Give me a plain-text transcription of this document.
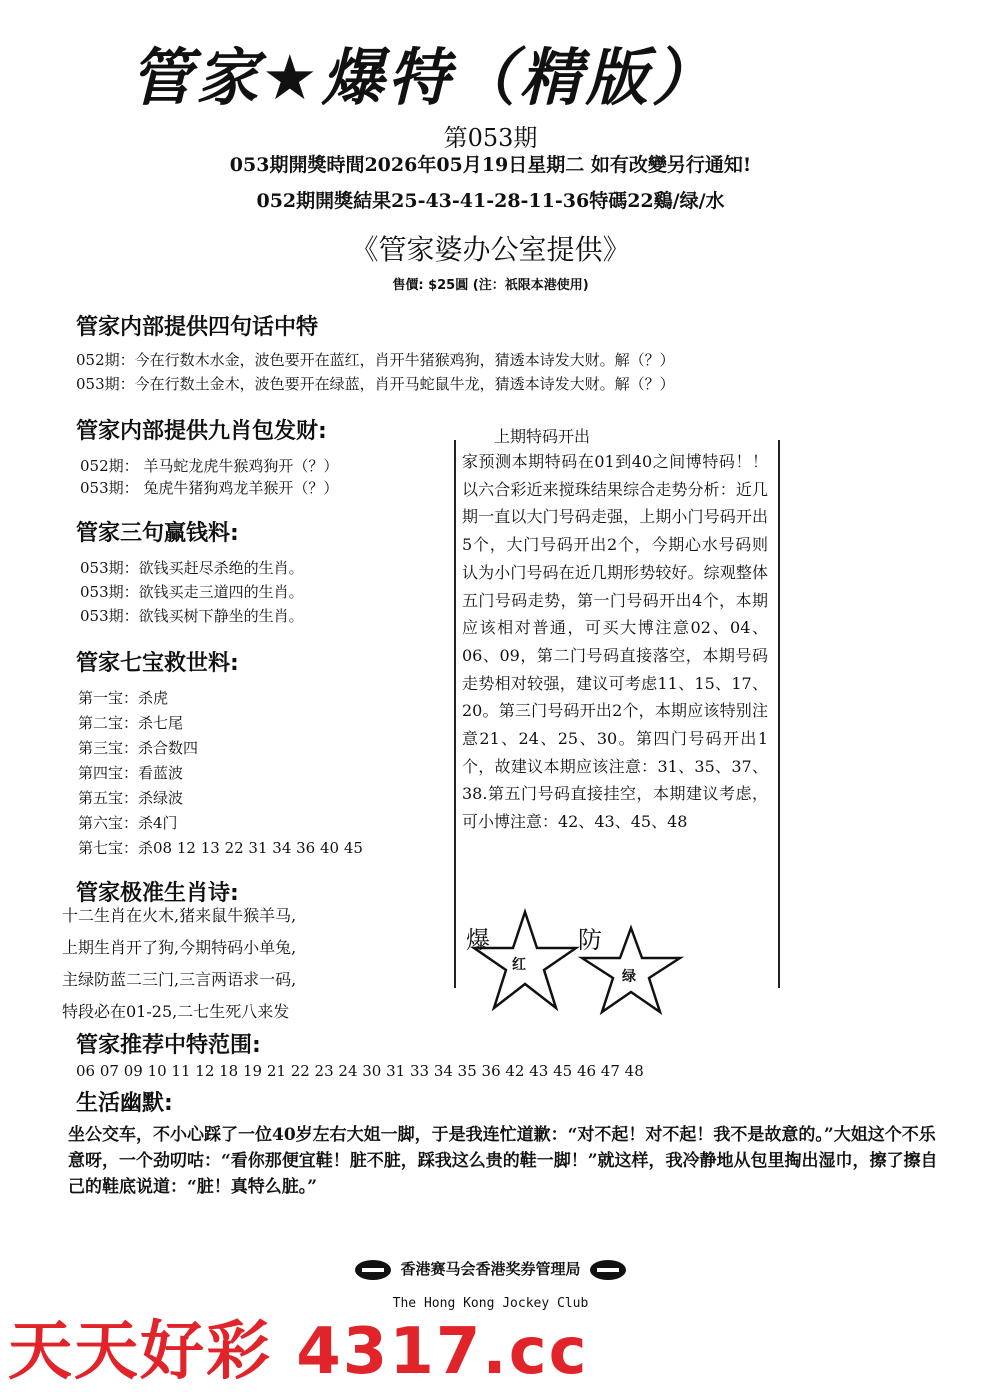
管家★爆特（精版）
第053期
053期開獎時間2026年05月19日星期二 如有改變另行通知!
052期開獎結果25-43-41-28-11-36特碼22鷄/绿/水
《管家婆办公室提供》
售價: $25圓 (注：祇限本港使用)
管家内部提供四句话中特
052期：今在行数木水金，波色要开在蓝红，肖开牛猪猴鸡狗，猜透本诗发大财。解（？）
053期：今在行数土金木，波色要开在绿蓝，肖开马蛇鼠牛龙，猜透本诗发大财。解（？）
管家内部提供九肖包发财:
052期： 羊马蛇龙虎牛猴鸡狗开（？）
053期： 兔虎牛猪狗鸡龙羊猴开（？）
管家三句赢钱料:
053期：欲钱买赶尽杀绝的生肖。
053期：欲钱买走三道四的生肖。
053期：欲钱买树下静坐的生肖。
管家七宝救世料:
第一宝：杀虎
第二宝：杀七尾
第三宝：杀合数四
第四宝：看蓝波
第五宝：杀绿波
第六宝：杀4门
第七宝：杀08 12 13 22 31 34 36 40 45
管家极准生肖诗:
十二生肖在火木,猪来鼠牛猴羊马,
上期生肖开了狗,今期特码小单兔,
主绿防蓝二三门,三言两语求一码,
特段必在01-25,二七生死八来发
上期特码开出
家预测本期特码在01到40之间博特码！！　　以六合彩近来搅珠结果综合走势分析：近几期一直以大门号码走强，上期小门号码开出5个，大门号码开出2个，今期心水号码则认为小门号码在近几期形势较好。综观整体五门号码走势，第一门号码开出4个，本期应该相对普通，可买大博注意02、04、06、09，第二门号码直接落空，本期号码走势相对较强，建议可考虑11、15、17、20。第三门号码开出2个，本期应该特别注意21、24、25、30。第四门号码开出1个，故建议本期应该注意：31、35、37、38.第五门号码直接挂空，本期建议考虑，可小博注意：42、43、45、48
爆
红
防
绿
管家推荐中特范围:
06 07 09 10 11 12 18 19 21 22 23 24 30 31 33 34 35 36 42 43 45 46 47 48
生活幽默:
坐公交车，不小心踩了一位40岁左右大姐一脚，于是我连忙道歉：“对不起！对不起！我不是故意的。”大姐这个不乐意呀，一个劲叨咕：“看你那便宜鞋！脏不脏，踩我这么贵的鞋一脚！”就这样，我冷静地从包里掏出湿巾，擦了擦自己的鞋底说道：“脏！真特么脏。”
香港赛马会香港奖券管理局
The Hong Kong Jockey Club
天天好彩 4317.cc
